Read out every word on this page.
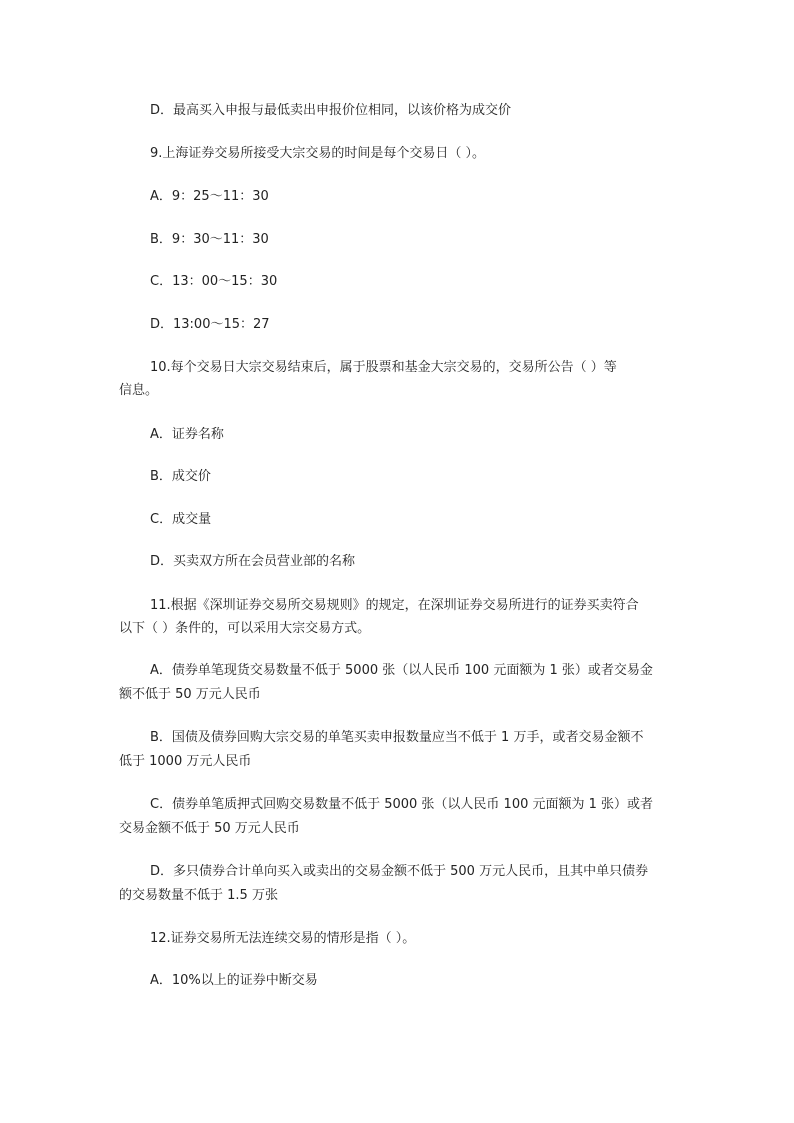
D．最高买入申报与最低卖出申报价位相同，以该价格为成交价
9.上海证券交易所接受大宗交易的时间是每个交易日（ ）。
A．9：25～11：30
B．9：30～11：30
C．13：00～15：30
D．13:00～15：27
10.每个交易日大宗交易结束后，属于股票和基金大宗交易的，交易所公告（ ）等
信息。
A．证券名称
B．成交价
C．成交量
D．买卖双方所在会员营业部的名称
11.根据《深圳证券交易所交易规则》的规定，在深圳证券交易所进行的证券买卖符合
以下（ ）条件的，可以采用大宗交易方式。
A．债券单笔现货交易数量不低于 5000 张（以人民币 100 元面额为 1 张）或者交易金
额不低于 50 万元人民币
B．国债及债券回购大宗交易的单笔买卖申报数量应当不低于 1 万手，或者交易金额不
低于 1000 万元人民币
C．债券单笔质押式回购交易数量不低于 5000 张（以人民币 100 元面额为 1 张）或者
交易金额不低于 50 万元人民币
D．多只债券合计单向买入或卖出的交易金额不低于 500 万元人民币，且其中单只债券
的交易数量不低于 1.5 万张
12.证券交易所无法连续交易的情形是指（ ）。
A．10%以上的证券中断交易
